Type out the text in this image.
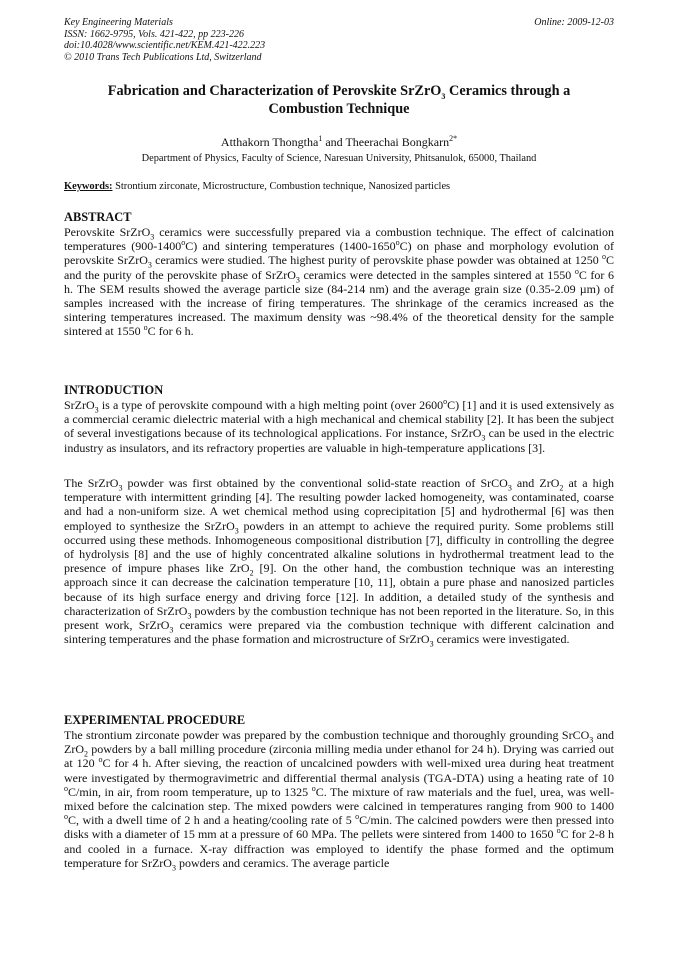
Key Engineering Materials
ISSN: 1662-9795, Vols. 421-422, pp 223-226
doi:10.4028/www.scientific.net/KEM.421-422.223
© 2010 Trans Tech Publications Ltd, Switzerland
Online: 2009-12-03
Fabrication and Characterization of Perovskite SrZrO$_3$ Ceramics through a Combustion Technique
Atthakorn Thongtha$^1$ and Theerachai Bongkarn$^{2*}$
Department of Physics, Faculty of Science, Naresuan University, Phitsanulok, 65000, Thailand
Keywords: Strontium zirconate, Microstructure, Combustion technique, Nanosized particles
ABSTRACT

Perovskite SrZrO$_3$ ceramics were successfully prepared via a combustion technique. The effect of calcination temperatures (900-1400$^o$C) and sintering temperatures (1400-1650$^o$C) on phase and morphology evolution of perovskite SrZrO$_3$ ceramics were studied. The highest purity of perovskite phase powder was obtained at 1250 $^o$C and the purity of the perovskite phase of SrZrO$_3$ ceramics were detected in the samples sintered at 1550 $^o$C for 6 h. The SEM results showed the average particle size (84-214 nm) and the average grain size (0.35-2.09 µm) of samples increased with the increase of firing temperatures. The shrinkage of the ceramics increased as the sintering temperatures increased. The maximum density was ~98.4% of the theoretical density for the sample sintered at 1550 $^o$C for 6 h.

INTRODUCTION

SrZrO$_3$ is a type of perovskite compound with a high melting point (over 2600$^o$C) [1] and it is used extensively as a commercial ceramic dielectric material with a high mechanical and chemical stability [2]. It has been the subject of several investigations because of its technological applications. For instance, SrZrO$_3$ can be used in the electric industry as insulators, and its refractory properties are valuable in high-temperature applications [3].

The SrZrO$_3$ powder was first obtained by the conventional solid-state reaction of SrCO$_3$ and ZrO$_2$ at a high temperature with intermittent grinding [4]. The resulting powder lacked homogeneity, was contaminated, coarse and had a non-uniform size. A wet chemical method using coprecipitation [5] and hydrothermal [6] was then employed to synthesize the SrZrO$_3$ powders in an attempt to achieve the required purity. Some problems still occurred using these methods. Inhomogeneous compositional distribution [7], difficulty in controlling the degree of hydrolysis [8] and the use of highly concentrated alkaline solutions in hydrothermal treatment lead to the presence of impure phases like ZrO$_2$ [9]. On the other hand, the combustion technique was an interesting approach since it can decrease the calcination temperature [10, 11], obtain a pure phase and nanosized particles because of its high surface energy and driving force [12]. In addition, a detailed study of the synthesis and characterization of SrZrO$_3$ powders by the combustion technique has not been reported in the literature. So, in this present work, SrZrO$_3$ ceramics were prepared via the combustion technique with different calcination and sintering temperatures and the phase formation and microstructure of SrZrO$_3$ ceramics were investigated.

EXPERIMENTAL PROCEDURE

The strontium zirconate powder was prepared by the combustion technique and thoroughly grounding SrCO$_3$ and ZrO$_2$ powders by a ball milling procedure (zirconia milling media under ethanol for 24 h). Drying was carried out at 120 $^o$C for 4 h. After sieving, the reaction of uncalcined powders with well-mixed urea during heat treatment were investigated by thermogravimetric and differential thermal analysis (TGA-DTA) using a heating rate of 10 $^o$C/min, in air, from room temperature, up to 1325 $^o$C. The mixture of raw materials and the fuel, urea, was well-mixed before the calcination step. The mixed powders were calcined in temperatures ranging from 900 to 1400 $^o$C, with a dwell time of 2 h and a heating/cooling rate of 5 $^o$C/min. The calcined powders were then pressed into disks with a diameter of 15 mm at a pressure of 60 MPa. The pellets were sintered from 1400 to 1650 $^o$C for 2-8 h and cooled in a furnace. X-ray diffraction was employed to identify the phase formed and the optimum temperature for SrZrO$_3$ powders and ceramics. The average particle
